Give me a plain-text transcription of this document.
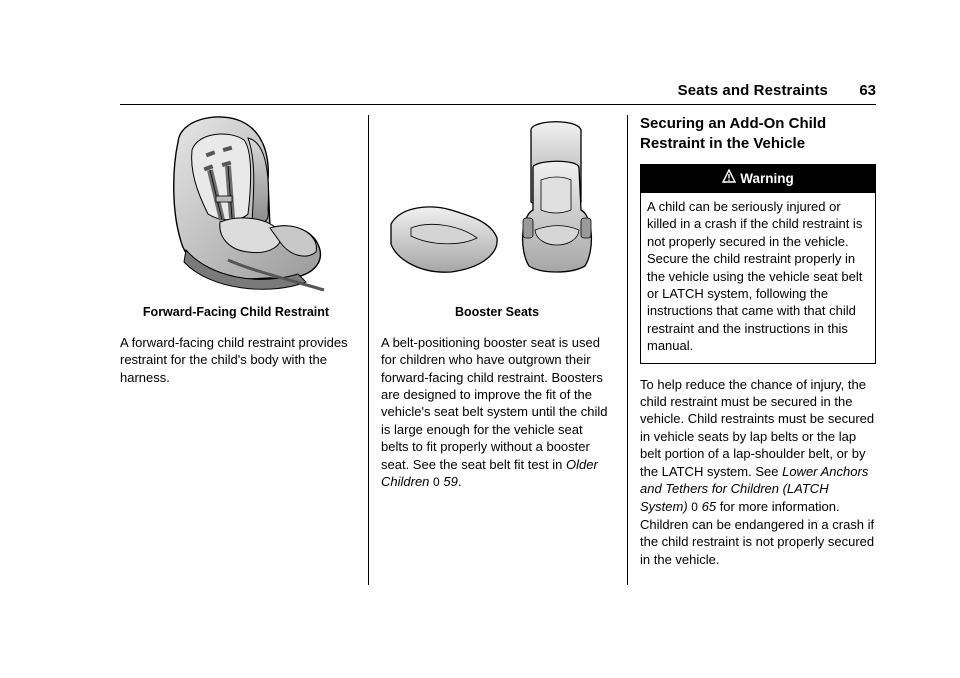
Seats and Restraints 63
Forward-Facing Child Restraint

A forward-facing child restraint provides restraint for the child's body with the harness.

Booster Seats

A belt-positioning booster seat is used for children who have outgrown their forward-facing child restraint. Boosters are designed to improve the fit of the vehicle's seat belt system until the child is large enough for the vehicle seat belts to fit properly without a booster seat. See the seat belt fit test in Older Children 0 59.

Securing an Add-On Child Restraint in the Vehicle
Warning
A child can be seriously injured or killed in a crash if the child restraint is not properly secured in the vehicle. Secure the child restraint properly in the vehicle using the vehicle seat belt or LATCH system, following the instructions that came with that child restraint and the instructions in this manual.

To help reduce the chance of injury, the child restraint must be secured in the vehicle. Child restraints must be secured in vehicle seats by lap belts or the lap belt portion of a lap-shoulder belt, or by the LATCH system. See Lower Anchors and Tethers for Children (LATCH System) 0 65 for more information. Children can be endangered in a crash if the child restraint is not properly secured in the vehicle.
